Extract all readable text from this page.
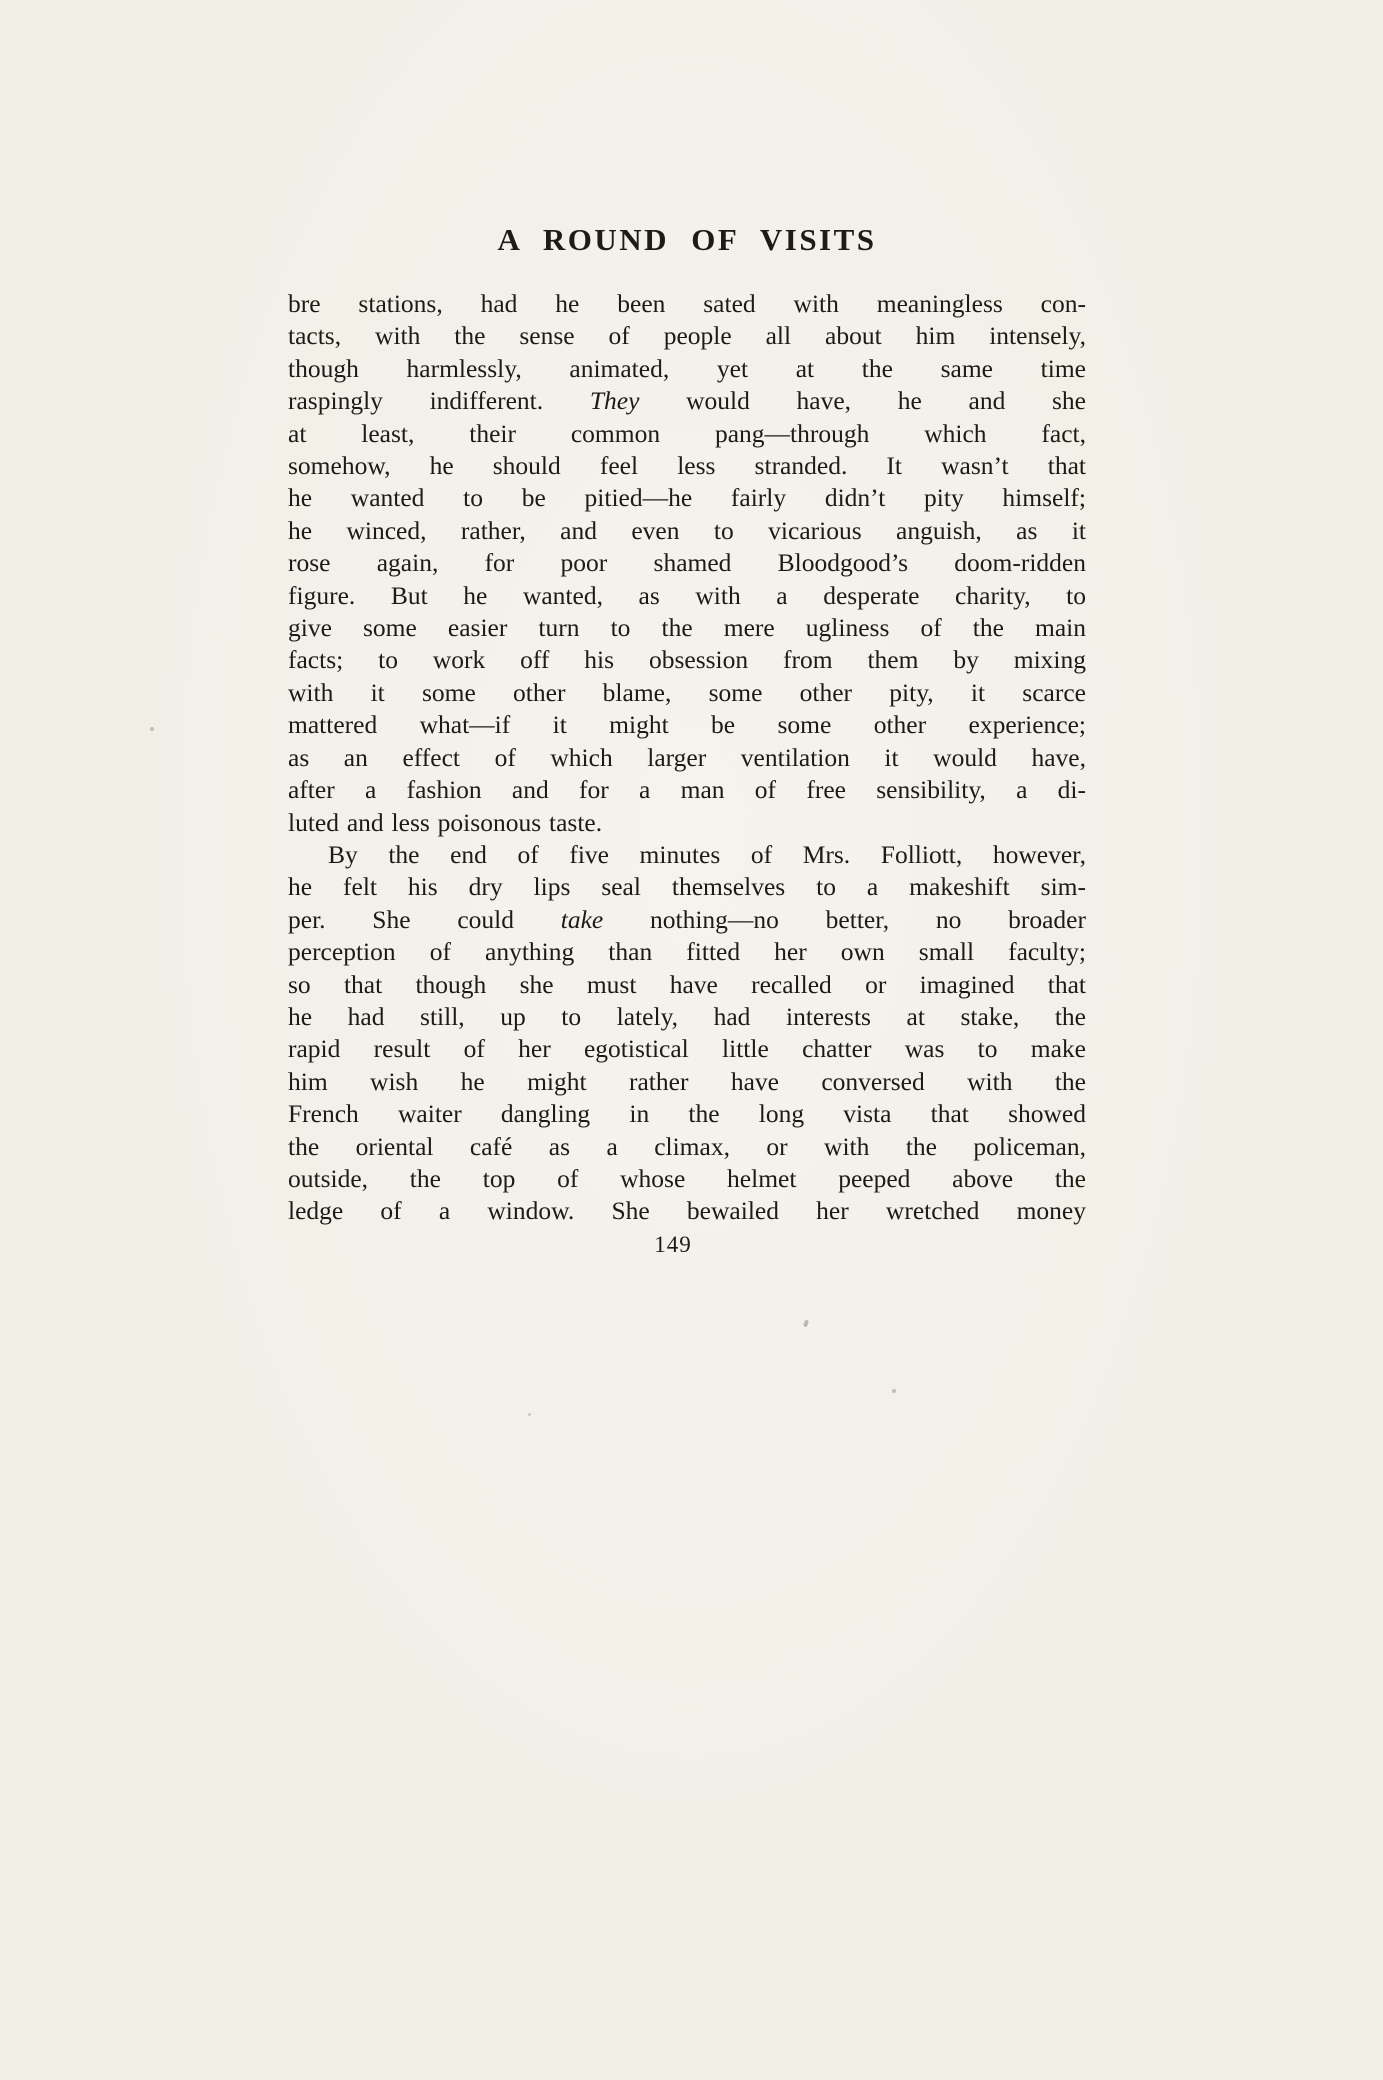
A ROUND OF VISITS
bre stations, had he been sated with meaningless con-
tacts, with the sense of people all about him intensely,
though harmlessly, animated, yet at the same time
raspingly indifferent. They would have, he and she
at least, their common pang—through which fact,
somehow, he should feel less stranded. It wasn’t that
he wanted to be pitied—he fairly didn’t pity himself;
he winced, rather, and even to vicarious anguish, as it
rose again, for poor shamed Bloodgood’s doom-ridden
figure. But he wanted, as with a desperate charity, to
give some easier turn to the mere ugliness of the main
facts; to work off his obsession from them by mixing
with it some other blame, some other pity, it scarce
mattered what—if it might be some other experience;
as an effect of which larger ventilation it would have,
after a fashion and for a man of free sensibility, a di-
luted and less poisonous taste.
By the end of five minutes of Mrs. Folliott, however,
he felt his dry lips seal themselves to a makeshift sim-
per. She could take nothing—no better, no broader
perception of anything than fitted her own small faculty;
so that though she must have recalled or imagined that
he had still, up to lately, had interests at stake, the
rapid result of her egotistical little chatter was to make
him wish he might rather have conversed with the
French waiter dangling in the long vista that showed
the oriental café as a climax, or with the policeman,
outside, the top of whose helmet peeped above the
ledge of a window. She bewailed her wretched money
149
